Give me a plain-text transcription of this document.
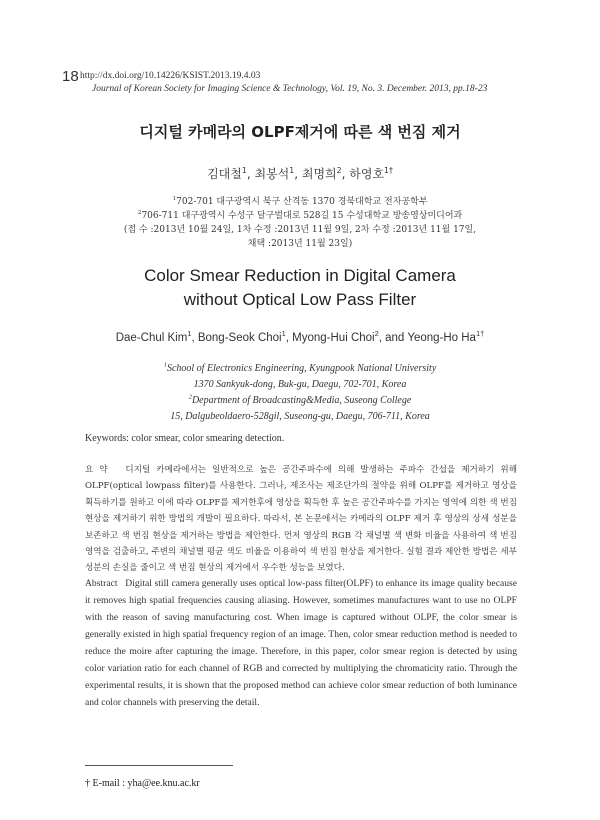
18 http://dx.doi.org/10.14226/KSIST.2013.19.4.03
Journal of Korean Society for Imaging Science & Technology, Vol. 19, No. 3. December. 2013, pp.18-23
디지털 카메라의 OLPF제거에 따른 색 번짐 제거
김대철$^1$, 최봉석$^1$, 최명희$^2$, 하영호$^{1\dagger}$
$^1$702-701 대구광역시 북구 산격동 1370 경북대학교 전자공학부
$^2$706-711 대구광역시 수성구 달구벌대로 528길 15 수성대학교 방송영상미디어과
(접 수 :2013년 10월 24일, 1차 수정 :2013년 11월 9일, 2차 수정 :2013년 11월 17일,
채택 :2013년 11월 23일)
Color Smear Reduction in Digital Camera
without Optical Low Pass Filter
Dae-Chul Kim$^1$, Bong-Seok Choi$^1$, Myong-Hui Choi$^2$, and Yeong-Ho $Ha^{1\dagger}$
$^1$School of Electronics Engineering, Kyungpook National University
1370 Sankyuk-dong, Buk-gu, Daegu, 702-701, Korea
$^2$Department of Broadcasting&Media, Suseong College
15, Dalgubeoldaero-528gil, Suseong-gu, Daegu, 706-711, Korea
Keywords: color smear, color smearing detection.
요 약 디지털 카메라에서는 일반적으로 높은 공간주파수에 의해 발생하는 주파수 간섭을 제거하기 위해 OLPF(optical lowpass filter)를 사용한다. 그러나, 제조사는 제조단가의 절약을 위해 OLPF를 제거하고 영상을 획득하기를 원하고 이에 따라 OLPF를 제거한후에 영상을 획득한 후 높은 공간주파수를 가지는 영역에 의한 색 번짐 현상을 제거하기 위한 방법의 개발이 필요하다. 따라서, 본 논문에서는 카메라의 OLPF 제거 후 영상의 상세 성분을 보존하고 색 번짐 현상을 제거하는 방법을 제안한다. 먼저 영상의 RGB 각 채널별 색 변화 비율을 사용하여 색 번짐 영역을 검출하고, 주변의 채널별 평균 색도 비율을 이용하여 색 번짐 현상을 제거한다. 실험 결과 제안한 방법은 세부 성분의 손실을 줄이고 색 번짐 현상의 제거에서 우수한 성능을 보였다.
Abstract Digital still camera generally uses optical low-pass filter(OLPF) to enhance its image quality because it removes high spatial frequencies causing aliasing. However, sometimes manufactures want to use no OLPF with the reason of saving manufacturing cost. When image is captured without OLPF, the color smear is generally existed in high spatial frequency region of an image. Then, color smear reduction method is needed to reduce the moire after capturing the image. Therefore, in this paper, color smear region is detected by using color variation ratio for each channel of RGB and corrected by multiplying the chromaticity ratio. Through the experimental results, it is shown that the proposed method can achieve color smear reduction of both luminance and color channels with preserving the detail.
† E-mail : yha@ee.knu.ac.kr
